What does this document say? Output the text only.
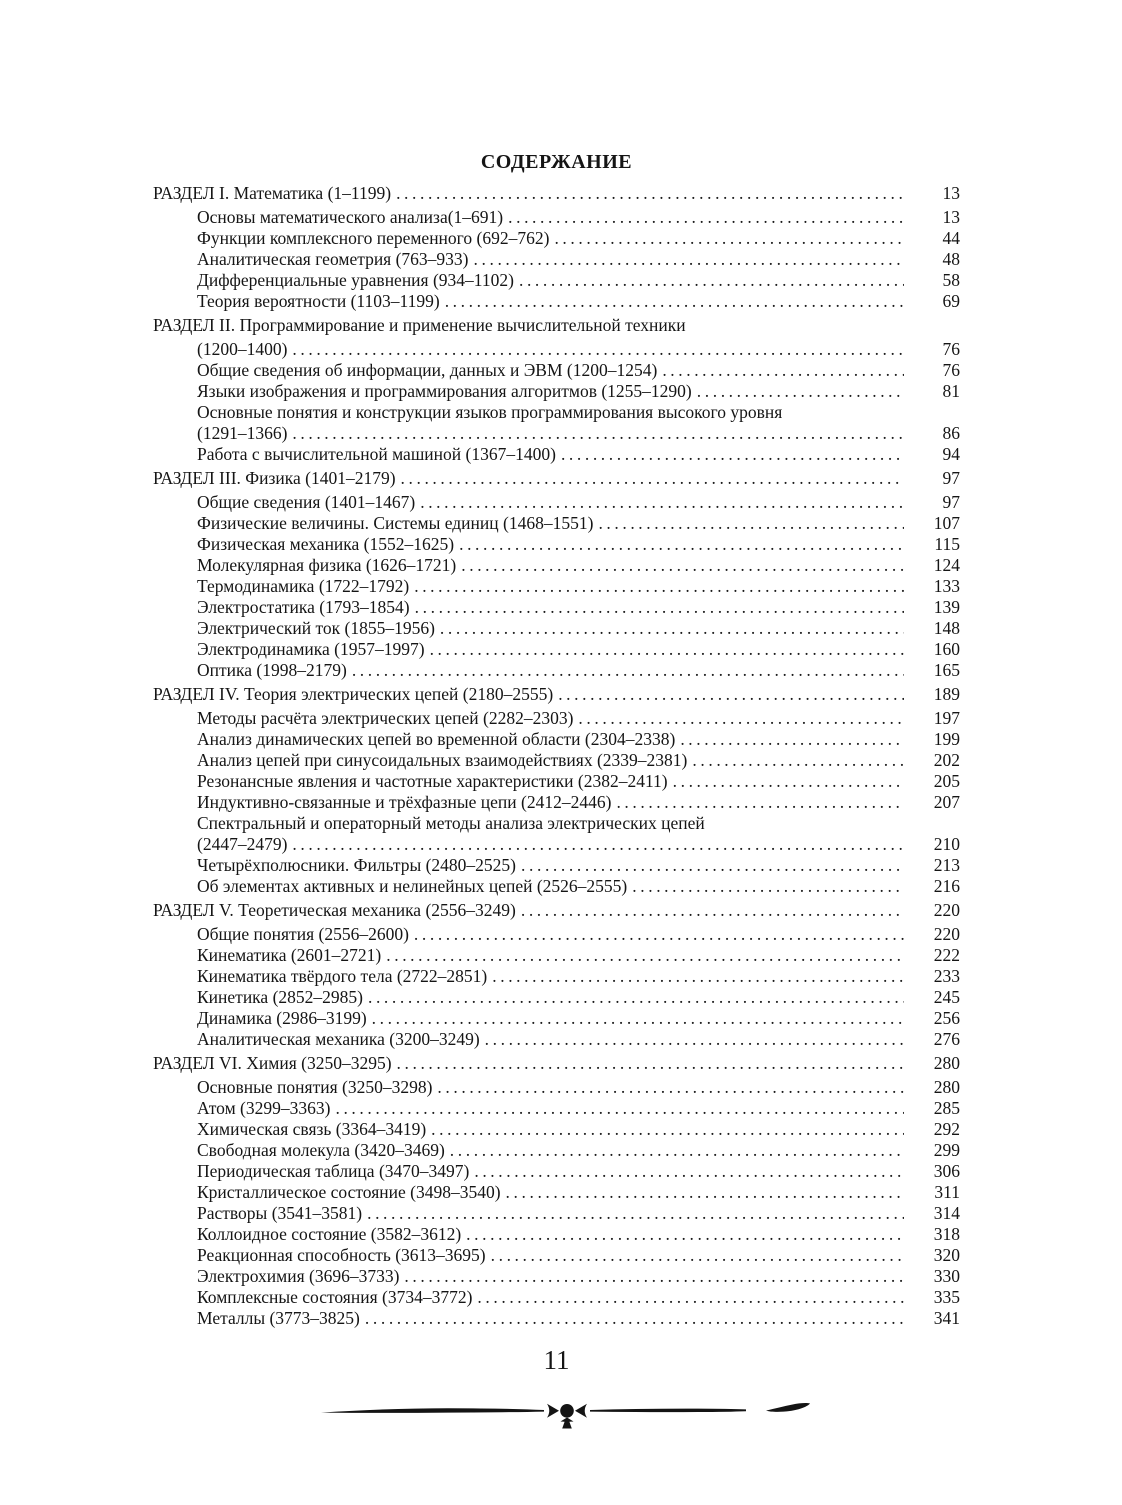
СОДЕРЖАНИЕ
РАЗДЕЛ I. Математика (1–1199) .....	13
Основы математического анализа(1–691) .....	13
Функции комплексного переменного (692–762) .....	44
Аналитическая геометрия (763–933) .....	48
Дифференциальные уравнения (934–1102) .....	58
Теория вероятности (1103–1199) .....	69
РАЗДЕЛ II. Программирование и применение вычислительной техники
(1200–1400) .....	76
Общие сведения об информации, данных и ЭВМ (1200–1254) .....	76
Языки изображения и программирования алгоритмов (1255–1290) .....	81
Основные понятия и конструкции языков программирования высокого уровня
(1291–1366) .....	86
Работа с вычислительной машиной (1367–1400) .....	94
РАЗДЕЛ III. Физика (1401–2179) .....	97
Общие сведения (1401–1467) .....	97
Физические величины. Системы единиц (1468–1551) .....	107
Физическая механика (1552–1625) .....	115
Молекулярная физика (1626–1721) .....	124
Термодинамика (1722–1792) .....	133
Электростатика (1793–1854) .....	139
Электрический ток (1855–1956) .....	148
Электродинамика (1957–1997) .....	160
Оптика (1998–2179) .....	165
РАЗДЕЛ IV. Теория электрических цепей (2180–2555) .....	189
Методы расчёта электрических цепей (2282–2303) .....	197
Анализ динамических цепей во временной области (2304–2338) .....	199
Анализ цепей при синусоидальных взаимодействиях (2339–2381) .....	202
Резонансные явления и частотные характеристики (2382–2411) .....	205
Индуктивно-связанные и трёхфазные цепи (2412–2446) .....	207
Спектральный и операторный методы анализа электрических цепей
(2447–2479) .....	210
Четырёхполюсники. Фильтры (2480–2525) .....	213
Об элементах активных и нелинейных цепей (2526–2555) .....	216
РАЗДЕЛ V. Теоретическая механика (2556–3249) .....	220
Общие понятия (2556–2600) .....	220
Кинематика (2601–2721) .....	222
Кинематика твёрдого тела (2722–2851) .....	233
Кинетика (2852–2985) .....	245
Динамика (2986–3199) .....	256
Аналитическая механика (3200–3249) .....	276
РАЗДЕЛ VI. Химия (3250–3295) .....	280
Основные понятия (3250–3298) .....	280
Атом (3299–3363) .....	285
Химическая связь (3364–3419) .....	292
Свободная молекула (3420–3469) .....	299
Периодическая таблица (3470–3497) .....	306
Кристаллическое состояние (3498–3540) .....	311
Растворы (3541–3581) .....	314
Коллоидное состояние (3582–3612) .....	318
Реакционная способность (3613–3695) .....	320
Электрохимия (3696–3733) .....	330
Комплексные состояния (3734–3772) .....	335
Металлы (3773–3825) .....	341
11
